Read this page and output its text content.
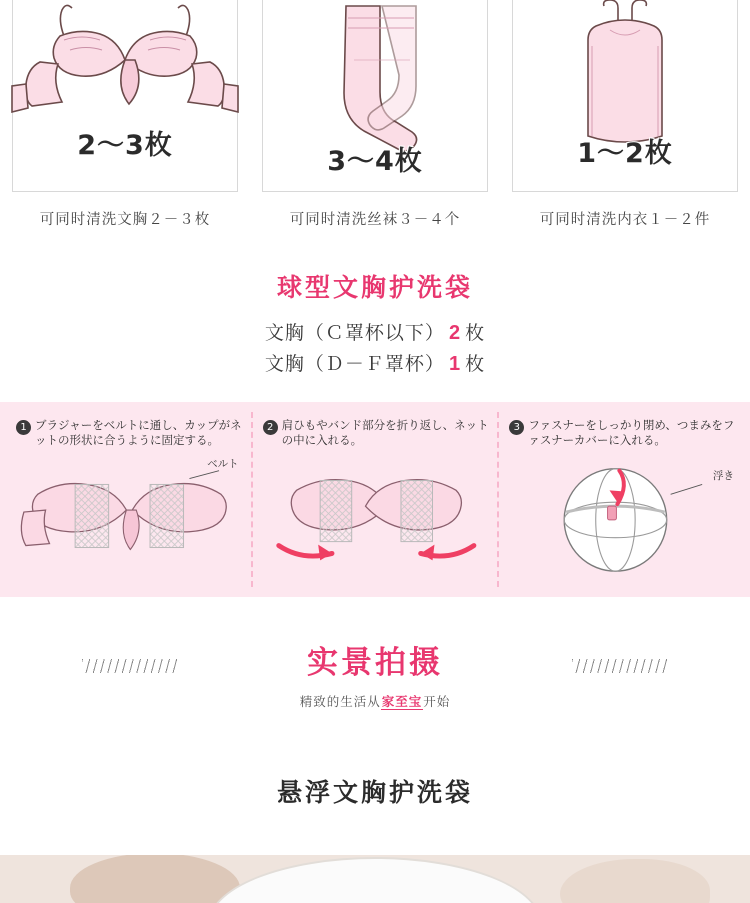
2～3枚
3～4枚	1～2枚
可同时清洗文胸２－３枚	可同时清洗丝袜３－４个	可同时清洗内衣１－２件
球型文胸护洗袋
文胸（Ｃ罩杯以下） 2 枚
文胸（Ｄ－Ｆ罩杯） 1 枚
1 ブラジャーをベルトに通し、カップがネットの形状に合うように固定する。
ベルト
2 肩ひもやバンド部分を折り返し、ネットの中に入れる。
3 ファスナーをしっかり閉め、つまみをファスナーカバーに入れる。
浮き
实景拍摄
精致的生活从家至宝开始
悬浮文胸护洗袋
